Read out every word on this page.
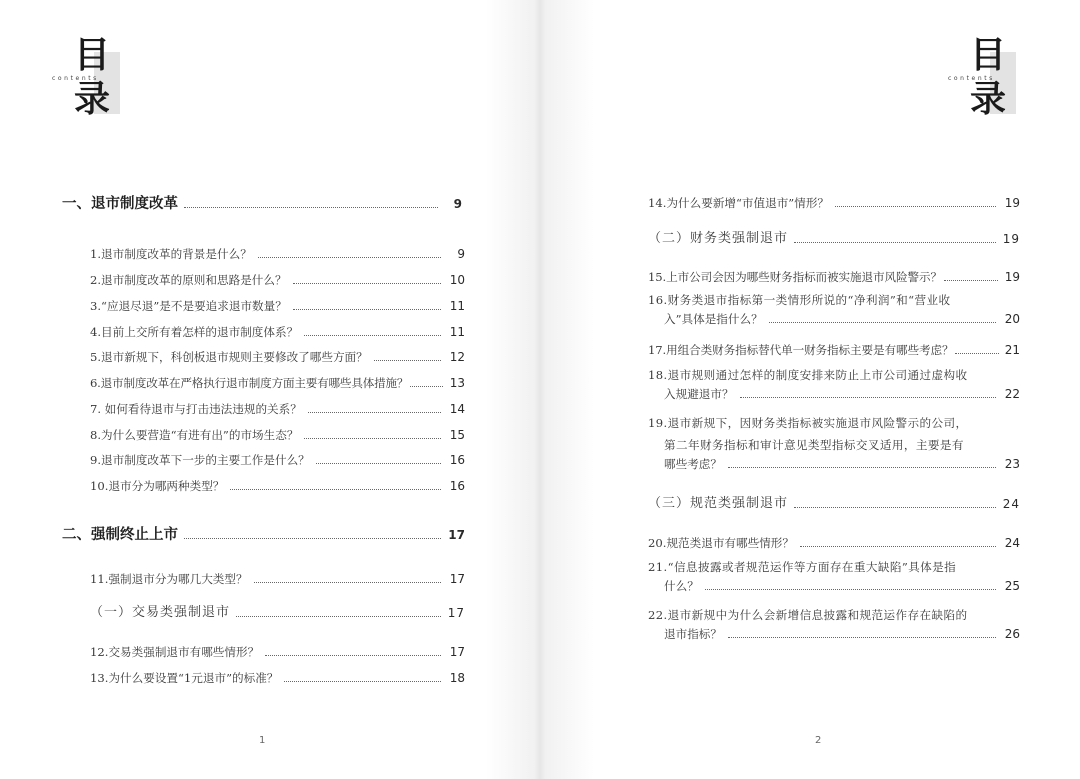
目
录
contents
目
录
contents
一、退市制度改革	9
1.退市制度改革的背景是什么？	9
2.退市制度改革的原则和思路是什么？	10
3.“应退尽退”是不是要追求退市数量？	11
4.目前上交所有着怎样的退市制度体系？	11
5.退市新规下，科创板退市规则主要修改了哪些方面？	12
6.退市制度改革在严格执行退市制度方面主要有哪些具体措施？	13
7. 如何看待退市与打击违法违规的关系？	14
8.为什么要营造“有进有出”的市场生态？	15
9.退市制度改革下一步的主要工作是什么？	16
10.退市分为哪两种类型？	16
二、强制终止上市	17
11.强制退市分为哪几大类型？	17
（一）交易类强制退市	17
12.交易类强制退市有哪些情形？	17
13.为什么要设置“1元退市”的标准？	18
1
14.为什么要新增“市值退市”情形？	19
（二）财务类强制退市	19
15.上市公司会因为哪些财务指标而被实施退市风险警示？	19
16.财务类退市指标第一类情形所说的“净利润”和“营业收
入”具体是指什么？	20
17.用组合类财务指标替代单一财务指标主要是有哪些考虑？	21
18.退市规则通过怎样的制度安排来防止上市公司通过虚构收
入规避退市？	22
19.退市新规下，因财务类指标被实施退市风险警示的公司，
第二年财务指标和审计意见类型指标交叉适用，主要是有
哪些考虑？	23
（三）规范类强制退市	24
20.规范类退市有哪些情形？	24
21.“信息披露或者规范运作等方面存在重大缺陷”具体是指
什么？	25
22.退市新规中为什么会新增信息披露和规范运作存在缺陷的
退市指标？	26
2
